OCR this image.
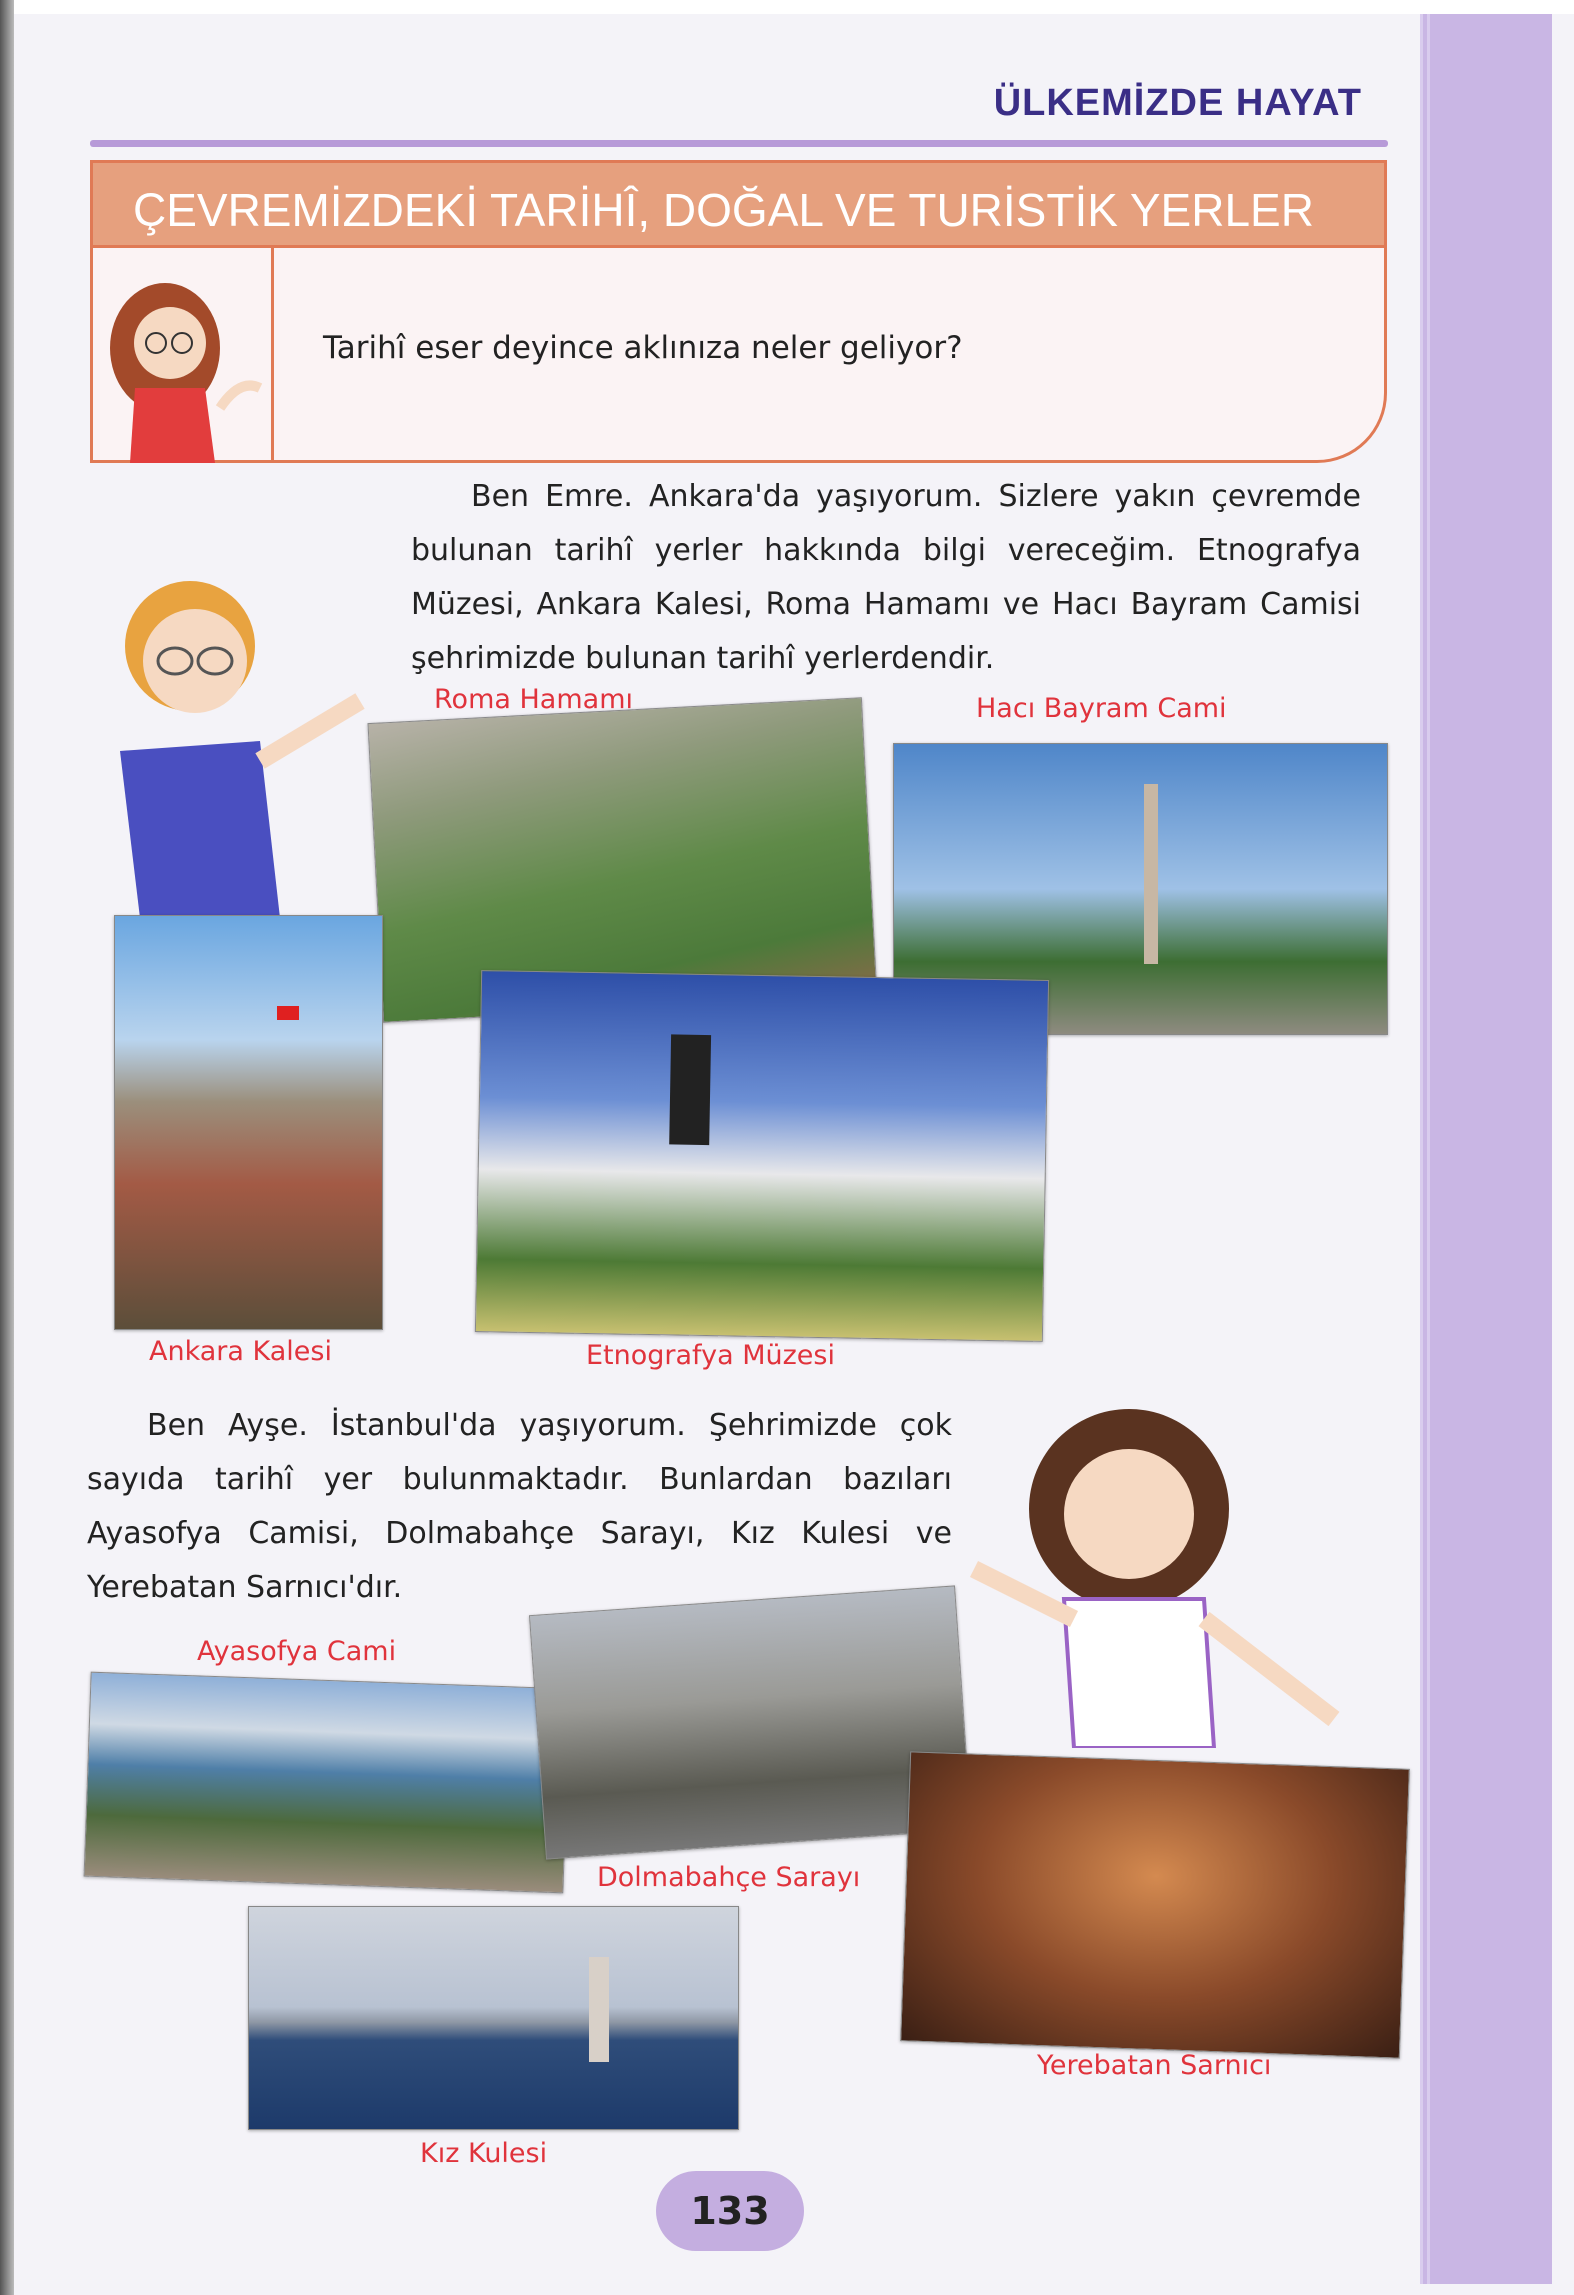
ÜLKEMİZDE HAYAT
ÇEVREMİZDEKİ TARİHÎ, DOĞAL VE TURİSTİK YERLER
Tarihî eser deyince aklınıza neler geliyor?
Ben Emre. Ankara'da yaşıyorum. Sizlere yakın çevremde bulunan tarihî yerler hakkında bilgi vereceğim. Etnografya Müzesi, Ankara Kalesi, Roma Hamamı ve Hacı Bayram Camisi şehrimizde bulunan tarihî yerlerdendir.
Roma Hamamı	Hacı Bayram Cami
Ankara Kalesi	Etnografya Müzesi
Ben Ayşe. İstanbul'da yaşıyorum. Şehrimizde çok sayıda tarihî yer bulunmaktadır. Bunlardan bazıları Ayasofya Camisi, Dolmabahçe Sarayı, Kız Kulesi ve Yerebatan Sarnıcı'dır.
Ayasofya Cami
Dolmabahçe Sarayı
Yerebatan Sarnıcı
Kız Kulesi
133
